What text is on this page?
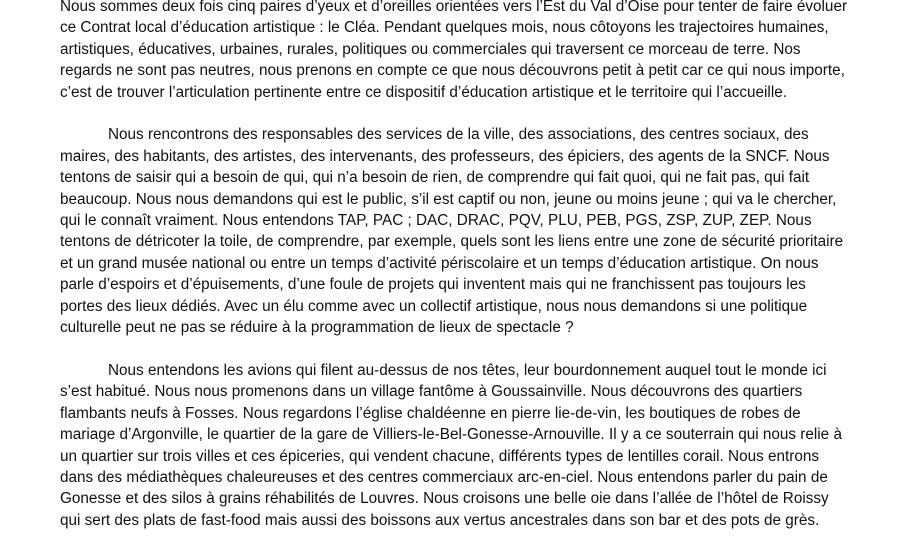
Nous sommes deux fois cinq paires d’yeux et d’oreilles orientées vers l’Est du Val d’Oise pour tenter de faire évoluer ce Contrat local d’éducation artistique : le Cléa. Pendant quelques mois, nous côtoyons les trajectoires humaines, artistiques, éducatives, urbaines, rurales, politiques ou commerciales qui traversent ce morceau de terre. Nos regards ne sont pas neutres, nous prenons en compte ce que nous découvrons petit à petit car ce qui nous importe, c’est de trouver l’articulation pertinente entre ce dispositif d’éducation artistique et le territoire qui l’accueille.

Nous rencontrons des responsables des services de la ville, des associations, des centres sociaux, des maires, des habitants, des artistes, des intervenants, des professeurs, des épiciers, des agents de la SNCF. Nous tentons de saisir qui a besoin de qui, qui n’a besoin de rien, de comprendre qui fait quoi, qui ne fait pas, qui fait beaucoup. Nous nous demandons qui est le public, s’il est captif ou non, jeune ou moins jeune ; qui va le chercher, qui le connaît vraiment. Nous entendons TAP, PAC ; DAC, DRAC, PQV, PLU, PEB, PGS, ZSP, ZUP, ZEP. Nous tentons de détricoter la toile, de comprendre, par exemple, quels sont les liens entre une zone de sécurité prioritaire et un grand musée national ou entre un temps d’activité périscolaire et un temps d’éducation artistique. On nous parle d’espoirs et d’épuisements, d’une foule de projets qui inventent mais qui ne franchissent pas toujours les portes des lieux dédiés. Avec un élu comme avec un collectif artistique, nous nous demandons si une politique culturelle peut ne pas se réduire à la programmation de lieux de spectacle ?

Nous entendons les avions qui filent au-dessus de nos têtes, leur bourdonnement auquel tout le monde ici s’est habitué. Nous nous promenons dans un village fantôme à Goussainville. Nous découvrons des quartiers flambants neufs à Fosses. Nous regardons l’église chaldéenne en pierre lie-de-vin, les boutiques de robes de mariage d’Argonville, le quartier de la gare de Villiers-le-Bel-Gonesse-Arnouville. Il y a ce souterrain qui nous relie à un quartier sur trois villes et ces épiceries, qui vendent chacune, différents types de lentilles corail. Nous entrons dans des médiathèques chaleureuses et des centres commerciaux arc-en-ciel. Nous entendons parler du pain de Gonesse et des silos à grains réhabilités de Louvres. Nous croisons une belle oie dans l’allée de l’hôtel de Roissy qui sert des plats de fast-food mais aussi des boissons aux vertus ancestrales dans son bar et des pots de grès.
